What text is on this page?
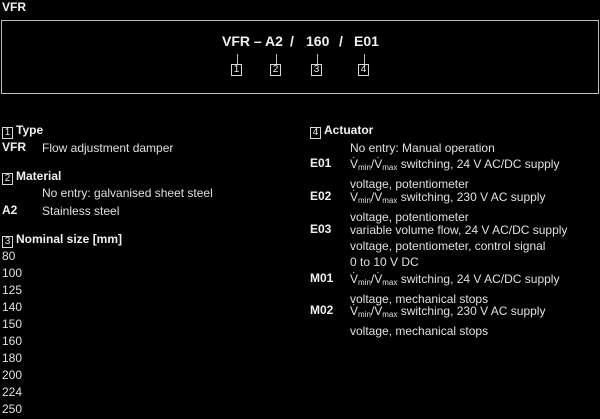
VFR
VFR – A2 / 160 / E01
1	2	3	4
1 Type
VFR Flow adjustment damper
2 Material
No entry: galvanised sheet steel
A2 Stainless steel
3 Nominal size [mm]
80
100
125
140
150
160
180
200
224
250
4 Actuator
No entry: Manual operation
E01
· $V_{min}/\cdot V_{max}$ switching, 24 V AC/DC supply
voltage, potentiometer
E02
· $V_{min}/\cdot V_{max}$ switching, 230 V AC supply
voltage, potentiometer
E03 variable volume flow, 24 V AC/DC supply
voltage, potentiometer, control signal
0 to 10 V DC
M01
· $V_{min}/\cdot V_{max}$ switching, 24 V AC/DC supply
voltage, mechanical stops
M02
· $V_{min}/\cdot V_{max}$ switching, 230 V AC supply
voltage, mechanical stops
